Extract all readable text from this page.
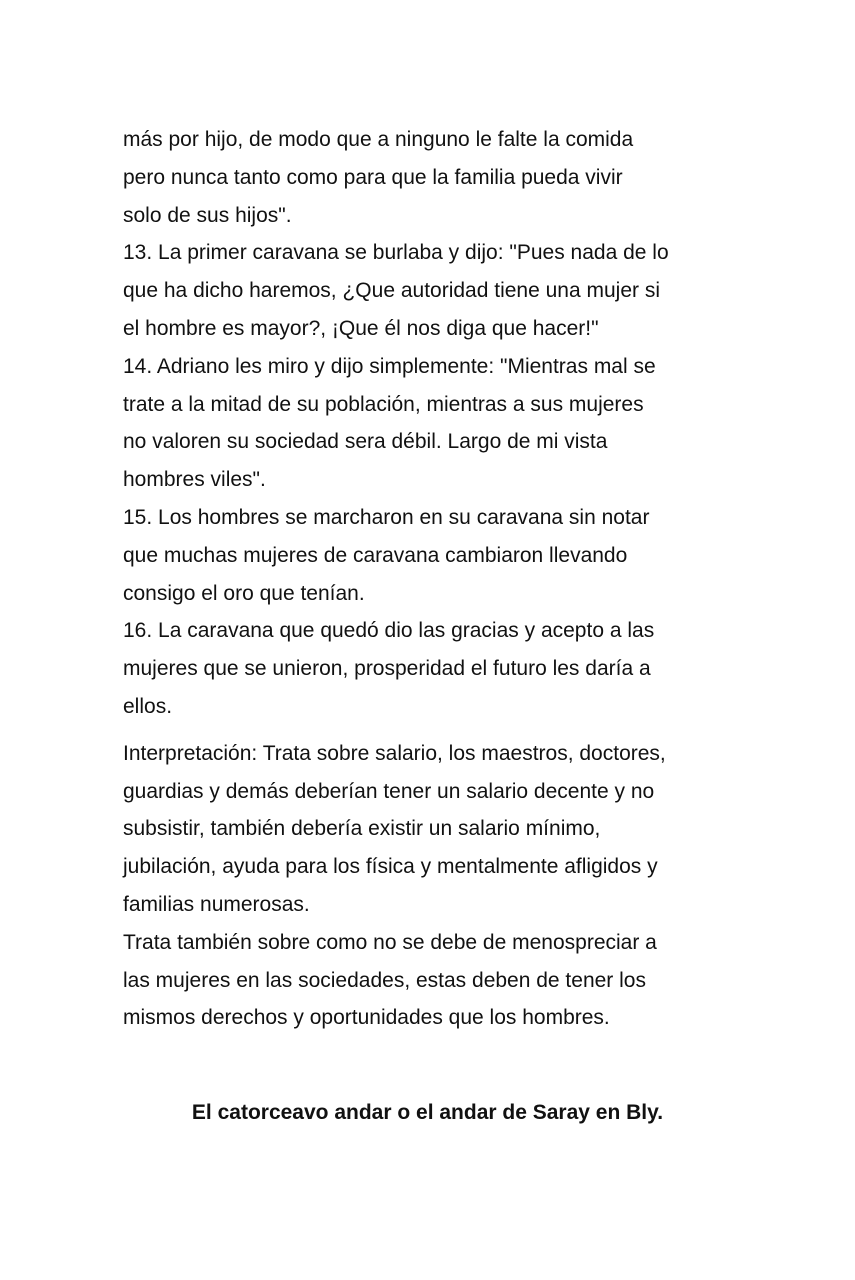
más por hijo, de modo que a ninguno le falte la comida
pero nunca tanto como para que la familia pueda vivir
solo de sus hijos".
13. La primer caravana se burlaba y dijo: "Pues nada de lo
que ha dicho haremos, ¿Que autoridad tiene una mujer si
el hombre es mayor?, ¡Que él nos diga que hacer!"
14. Adriano les miro y dijo simplemente: "Mientras mal se
trate a la mitad de su población, mientras a sus mujeres
no valoren su sociedad sera débil. Largo de mi vista
hombres viles".
15. Los hombres se marcharon en su caravana sin notar
que muchas mujeres de caravana cambiaron llevando
consigo el oro que tenían.
16. La caravana que quedó dio las gracias y acepto a las
mujeres que se unieron, prosperidad el futuro les daría a
ellos.
Interpretación: Trata sobre salario, los maestros, doctores,
guardias y demás deberían tener un salario decente y no
subsistir, también debería existir un salario mínimo,
jubilación, ayuda para los física y mentalmente afligidos y
familias numerosas.
Trata también sobre como no se debe de menospreciar a
las mujeres en las sociedades, estas deben de tener los
mismos derechos y oportunidades que los hombres.
El catorceavo andar o el andar de Saray en Bly.
